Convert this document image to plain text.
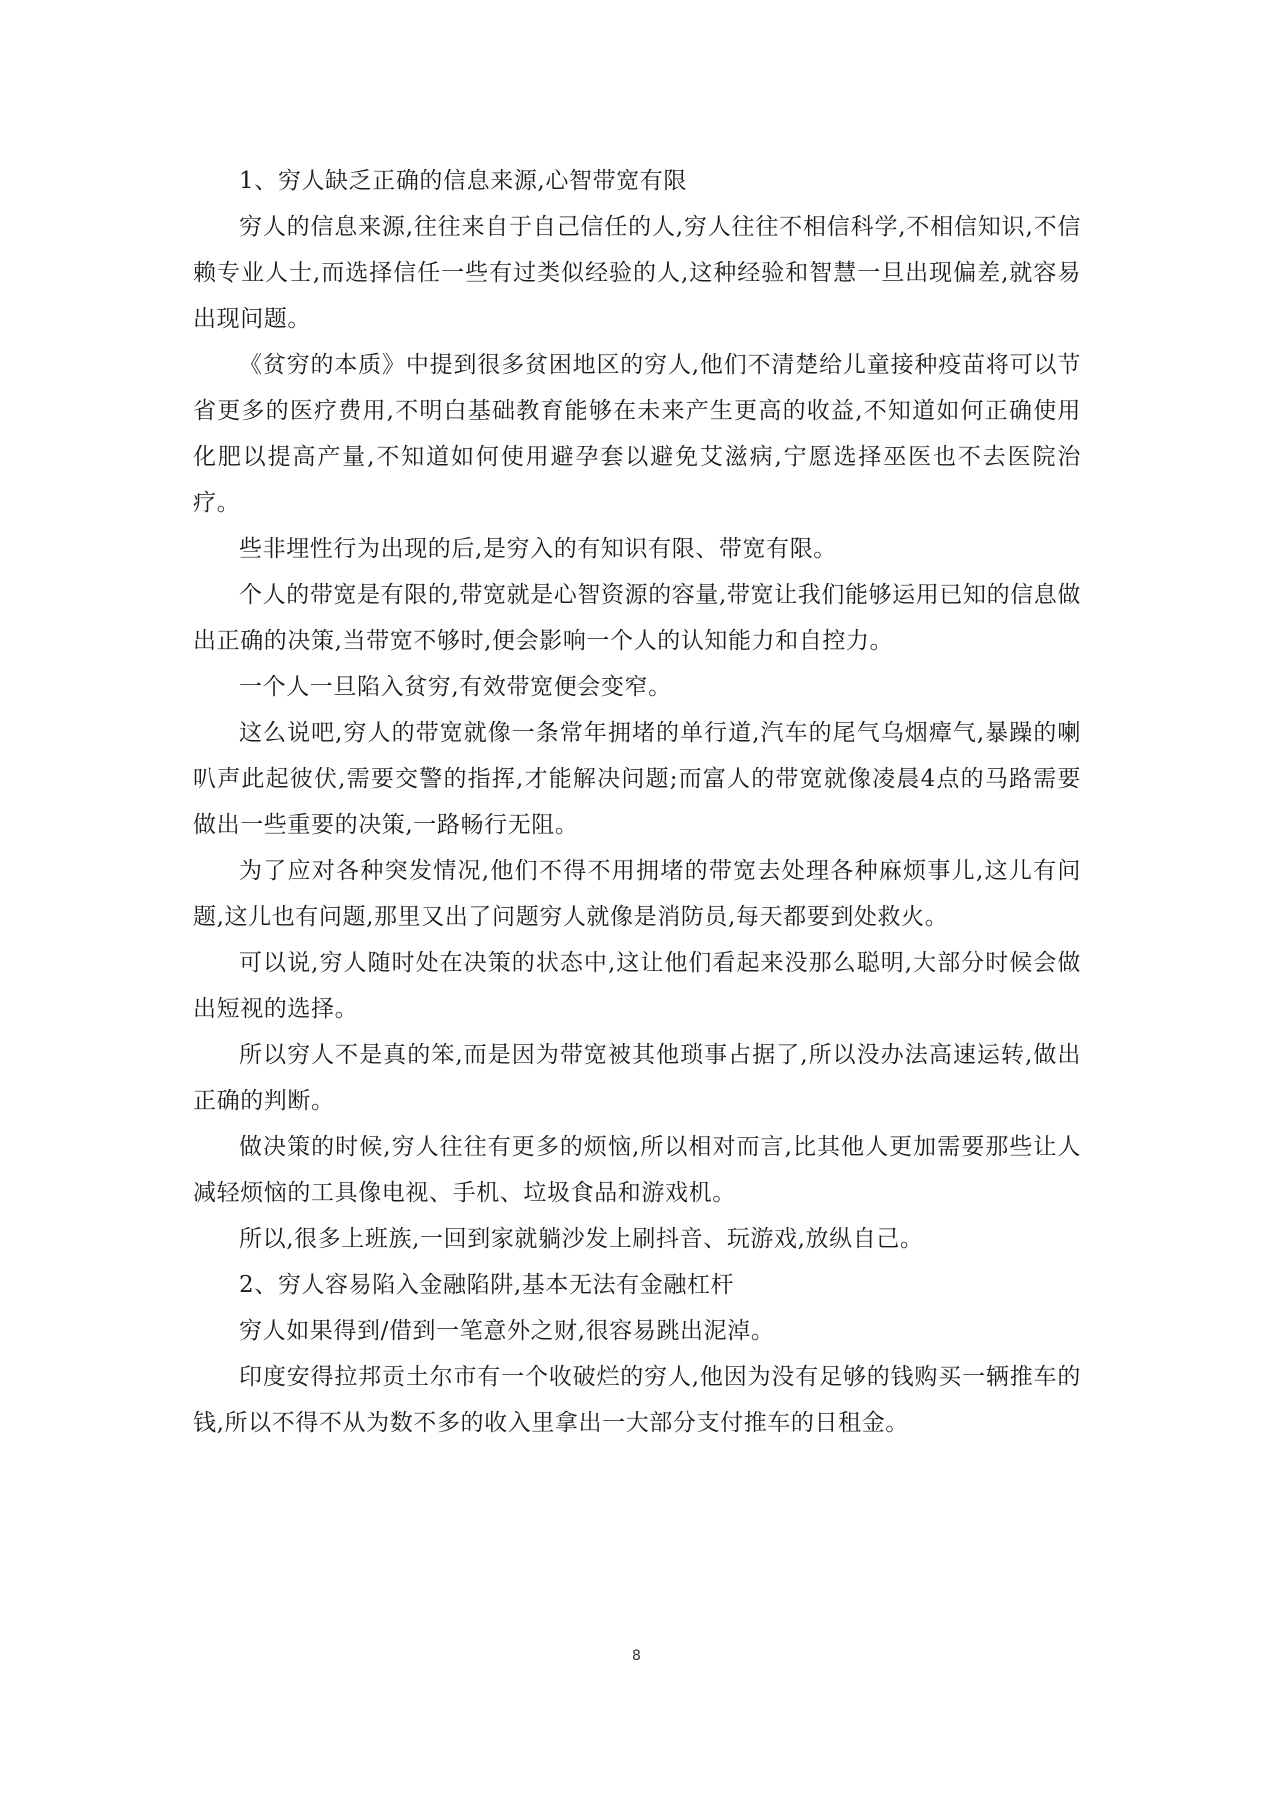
1、穷人缺乏正确的信息来源,心智带宽有限

穷人的信息来源,往往来自于自己信任的人,穷人往往不相信科学,不相信知识,不信赖专业人士,而选择信任一些有过类似经验的人,这种经验和智慧一旦出现偏差,就容易出现问题。

《贫穷的本质》中提到很多贫困地区的穷人,他们不清楚给儿童接种疫苗将可以节省更多的医疗费用,不明白基础教育能够在未来产生更高的收益,不知道如何正确使用化肥以提高产量,不知道如何使用避孕套以避免艾滋病,宁愿选择巫医也不去医院治疗。

些非埋性行为出现的后,是穷入的有知识有限、带宽有限。

个人的带宽是有限的,带宽就是心智资源的容量,带宽让我们能够运用已知的信息做出正确的决策,当带宽不够时,便会影响一个人的认知能力和自控力。

一个人一旦陷入贫穷,有效带宽便会变窄。

这么说吧,穷人的带宽就像一条常年拥堵的单行道,汽车的尾气乌烟瘴气,暴躁的喇叭声此起彼伏,需要交警的指挥,才能解决问题;而富人的带宽就像凌晨4点的马路需要做出一些重要的决策,一路畅行无阻。

为了应对各种突发情况,他们不得不用拥堵的带宽去处理各种麻烦事儿,这儿有问题,这儿也有问题,那里又出了问题穷人就像是消防员,每天都要到处救火。

可以说,穷人随时处在决策的状态中,这让他们看起来没那么聪明,大部分时候会做出短视的选择。

所以穷人不是真的笨,而是因为带宽被其他琐事占据了,所以没办法高速运转,做出正确的判断。

做决策的时候,穷人往往有更多的烦恼,所以相对而言,比其他人更加需要那些让人减轻烦恼的工具像电视、手机、垃圾食品和游戏机。

所以,很多上班族,一回到家就躺沙发上刷抖音、玩游戏,放纵自己。

2、穷人容易陷入金融陷阱,基本无法有金融杠杆

穷人如果得到/借到一笔意外之财,很容易跳出泥淖。

印度安得拉邦贡土尔市有一个收破烂的穷人,他因为没有足够的钱购买一辆推车的钱,所以不得不从为数不多的收入里拿出一大部分支付推车的日租金。

8
